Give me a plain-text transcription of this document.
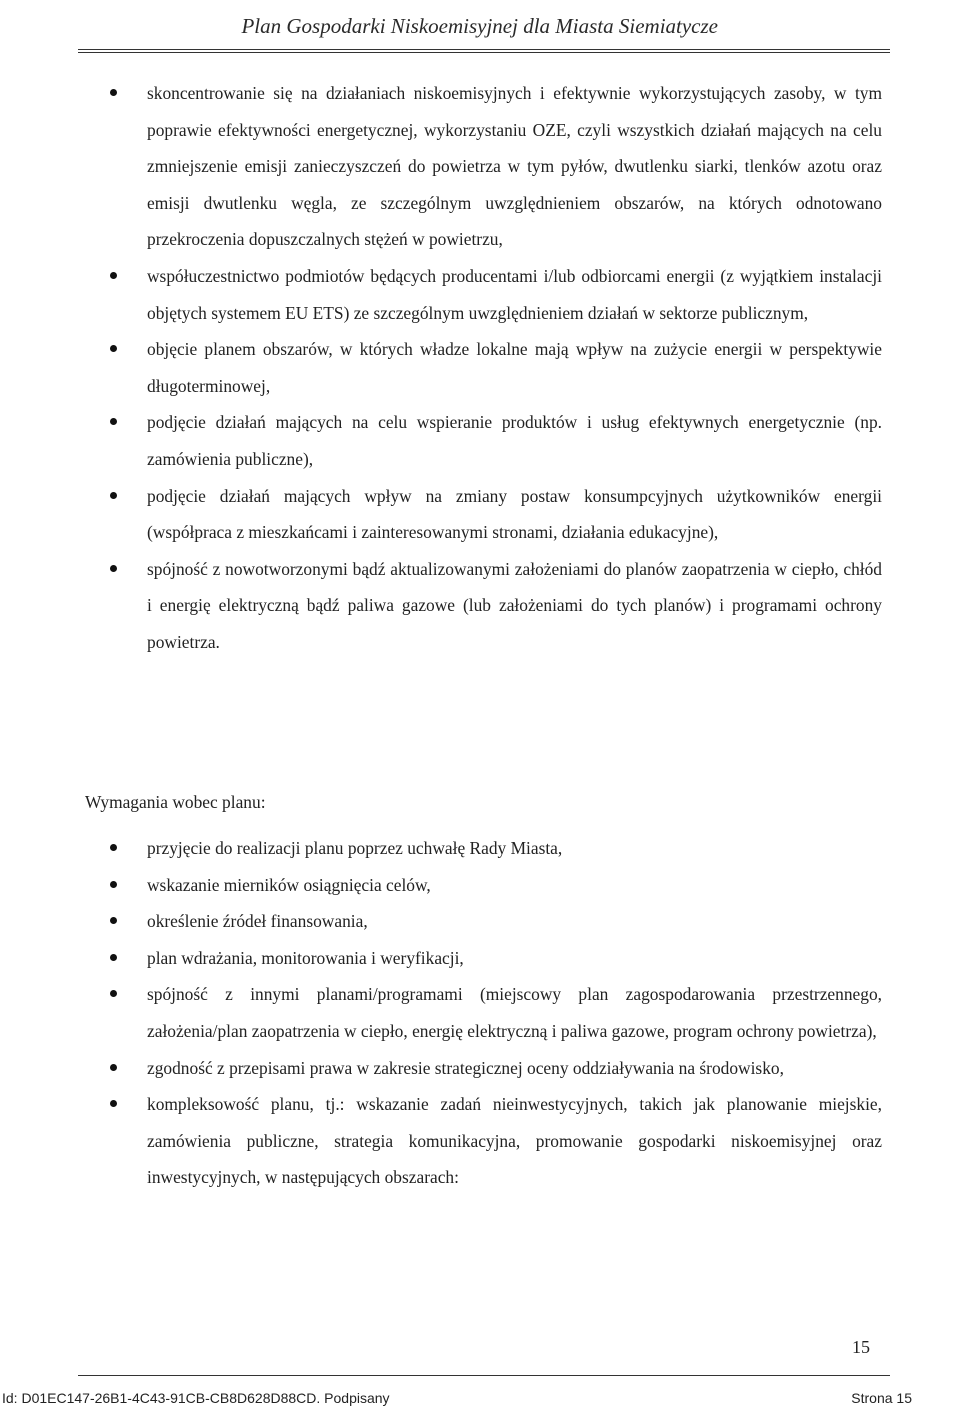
Plan Gospodarki Niskoemisyjnej dla Miasta Siemiatycze
skoncentrowanie się na działaniach niskoemisyjnych i efektywnie wykorzystujących zasoby, w tym poprawie efektywności energetycznej, wykorzystaniu OZE, czyli wszystkich działań mających na celu zmniejszenie emisji zanieczyszczeń do powietrza w tym pyłów, dwutlenku siarki, tlenków azotu oraz emisji dwutlenku węgla, ze szczególnym uwzględnieniem obszarów, na których odnotowano przekroczenia dopuszczalnych stężeń w powietrzu,
współuczestnictwo podmiotów będących producentami i/lub odbiorcami energii (z wyjątkiem instalacji objętych systemem EU ETS) ze szczególnym uwzględnieniem działań w sektorze publicznym,
objęcie planem obszarów, w których władze lokalne mają wpływ na zużycie energii w perspektywie długoterminowej,
podjęcie działań mających na celu wspieranie produktów i usług efektywnych energetycznie (np. zamówienia publiczne),
podjęcie działań mających wpływ na zmiany postaw konsumpcyjnych użytkowników energii (współpraca z mieszkańcami i zainteresowanymi stronami, działania edukacyjne),
spójność z nowotworzonymi bądź aktualizowanymi założeniami do planów zaopatrzenia w ciepło, chłód i energię elektryczną bądź paliwa gazowe (lub założeniami do tych planów) i programami ochrony powietrza.
Wymagania wobec planu:
przyjęcie do realizacji planu poprzez uchwałę Rady Miasta,
wskazanie mierników osiągnięcia celów,
określenie źródeł finansowania,
plan wdrażania, monitorowania i weryfikacji,
spójność z innymi planami/programami (miejscowy plan zagospodarowania przestrzennego, założenia/plan zaopatrzenia w ciepło, energię elektryczną i paliwa gazowe, program ochrony powietrza),
zgodność z przepisami prawa w zakresie strategicznej oceny oddziaływania na środowisko,
kompleksowość planu, tj.: wskazanie zadań nieinwestycyjnych, takich jak planowanie miejskie, zamówienia publiczne, strategia komunikacyjna, promowanie gospodarki niskoemisyjnej oraz inwestycyjnych, w następujących obszarach:
15
Id: D01EC147-26B1-4C43-91CB-CB8D628D88CD. Podpisany	Strona 15
